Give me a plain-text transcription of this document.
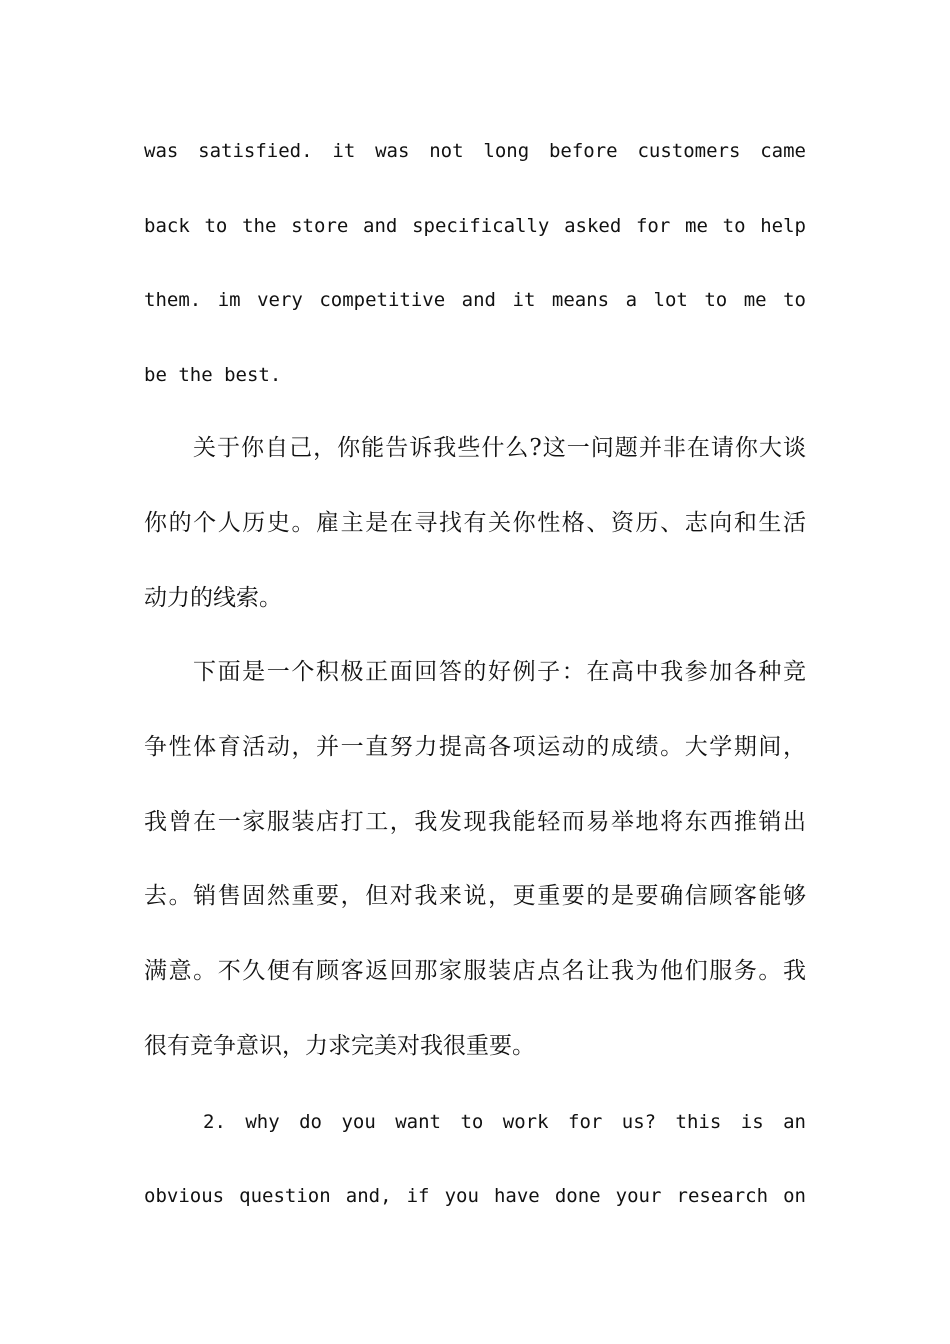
was satisfied. it was not long before customers came
back to the store and specifically asked for me to help
them. im very competitive and it means a lot to me to
be the best.
关于你自己，你能告诉我些什么?这一问题并非在请你大谈
你的个人历史。雇主是在寻找有关你性格、资历、志向和生活
动力的线索。
下面是一个积极正面回答的好例子：在高中我参加各种竞
争性体育活动，并一直努力提高各项运动的成绩。大学期间，
我曾在一家服装店打工，我发现我能轻而易举地将东西推销出
去。销售固然重要，但对我来说，更重要的是要确信顾客能够
满意。不久便有顾客返回那家服装店点名让我为他们服务。我
很有竞争意识，力求完美对我很重要。
2. why do you want to work for us? this is an
obvious question and, if you have done your research on
